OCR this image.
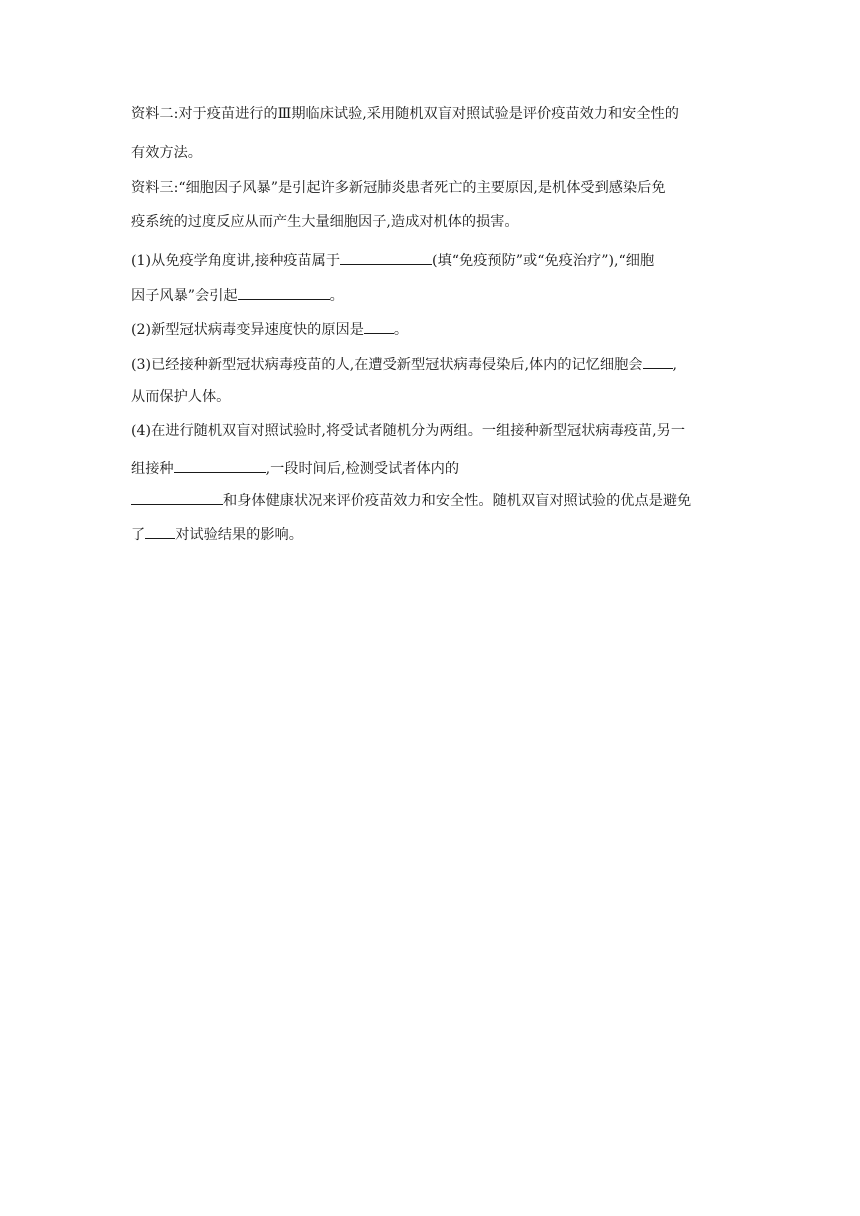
资料二:对于疫苗进行的Ⅲ期临床试验,采用随机双盲对照试验是评价疫苗效力和安全性的
有效方法。
资料三:“细胞因子风暴”是引起许多新冠肺炎患者死亡的主要原因,是机体受到感染后免
疫系统的过度反应从而产生大量细胞因子,造成对机体的损害。
(1)从免疫学角度讲,接种疫苗属于	(填“免疫预防”或“免疫治疗”),“细胞
因子风暴”会引起	。
(2)新型冠状病毒变异速度快的原因是 。
(3)已经接种新型冠状病毒疫苗的人,在遭受新型冠状病毒侵染后,体内的记忆细胞会 ,
从而保护人体。
(4)在进行随机双盲对照试验时,将受试者随机分为两组。一组接种新型冠状病毒疫苗,另一
组接种	,一段时间后,检测受试者体内的
和身体健康状况来评价疫苗效力和安全性。随机双盲对照试验的优点是避免
了 对试验结果的影响。
